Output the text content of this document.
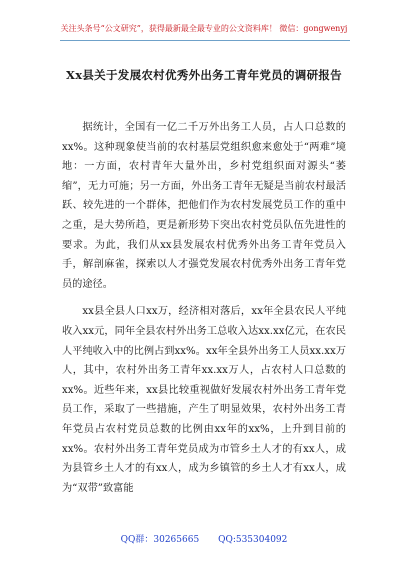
关注头条号“公文研究”，获得最新最全最专业的公文资料库！ 微信：gongwenyj
Xx县关于发展农村优秀外出务工青年党员的调研报告

据统计，全国有一亿二千万外出务工人员，占人口总数的xx%。这种现象使当前的农村基层党组织愈来愈处于“两难”境地：一方面，农村青年大量外出，乡村党组织面对源头“萎缩”，无力可施；另一方面，外出务工青年无疑是当前农村最活跃、较先进的一个群体，把他们作为农村发展党员工作的重中之重，是大势所趋，更是新形势下突出农村党员队伍先进性的要求。为此，我们从xx县发展农村优秀外出务工青年党员入手，解剖麻雀，探索以人才强党发展农村优秀外出务工青年党员的途径。

xx县全县人口xx万，经济相对落后，xx年全县农民人平纯收入xx元，同年全县农村外出务工总收入达xx.xx亿元，在农民人平纯收入中的比例占到xx%。xx年全县外出务工人员xx.xx万人，其中，农村外出务工青年xx.xx万人，占农村人口总数的xx%。近些年来，xx县比较重视做好发展农村外出务工青年党员工作，采取了一些措施，产生了明显效果，农村外出务工青年党员占农村党员总数的比例由xx年的xx%，上升到目前的xx%。农村外出务工青年党员成为市管乡土人才的有xx人，成为县管乡土人才的有xx人，成为乡镇管的乡土人才有xx人，成为“双带”致富能

QQ群：30265665 QQ:535304092
